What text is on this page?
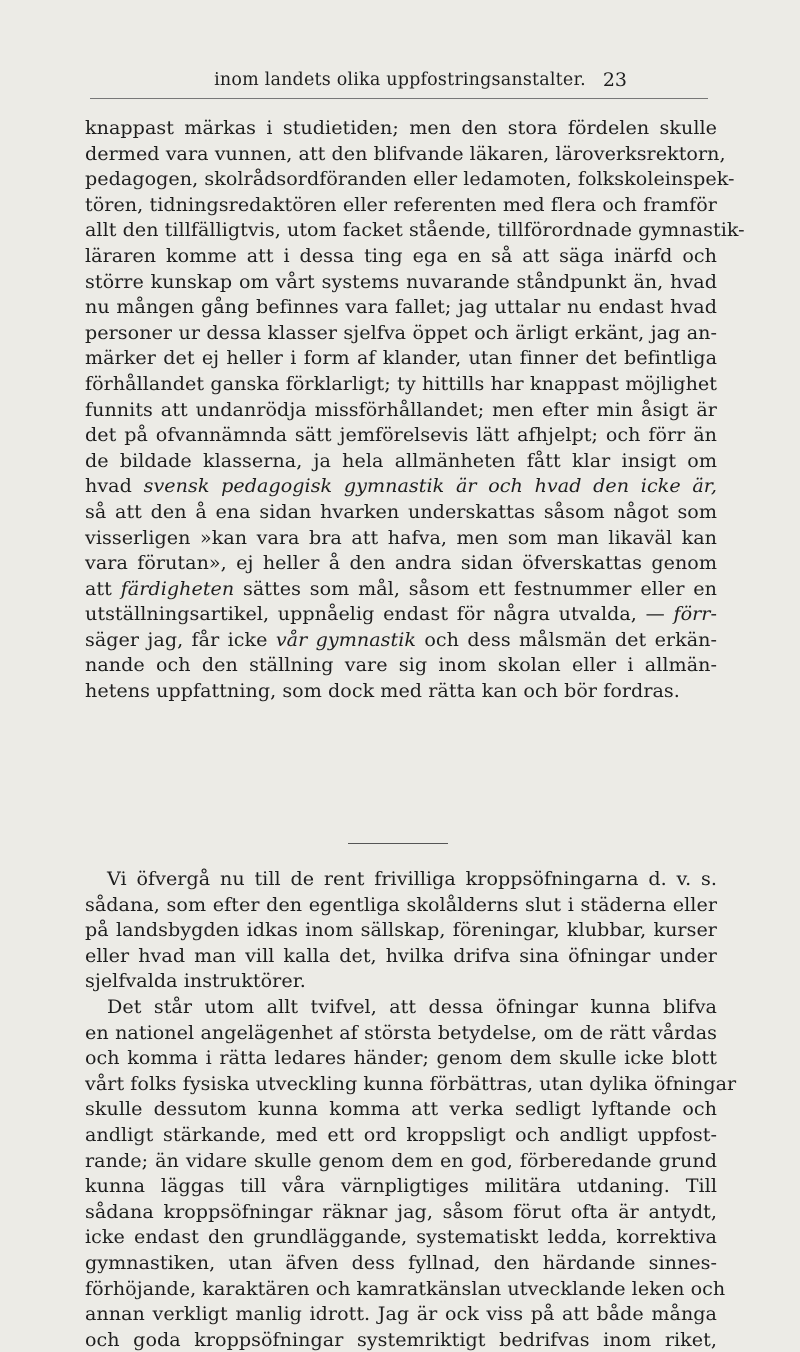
inom landets olika uppfostringsanstalter. 23
knappast märkas i studietiden; men den stora fördelen skulle
dermed vara vunnen, att den blifvande läkaren, läroverksrektorn,
pedagogen, skolrådsordföranden eller ledamoten, folkskoleinspek-
tören, tidningsredaktören eller referenten med flera och framför
allt den tillfälligtvis, utom facket stående, tillförordnade gymnastik-
läraren komme att i dessa ting ega en så att säga inärfd och
större kunskap om vårt systems nuvarande ståndpunkt än, hvad
nu mången gång befinnes vara fallet; jag uttalar nu endast hvad
personer ur dessa klasser sjelfva öppet och ärligt erkänt, jag an-
märker det ej heller i form af klander, utan finner det befintliga
förhållandet ganska förklarligt; ty hittills har knappast möjlighet
funnits att undanrödja missförhållandet; men efter min åsigt är
det på ofvannämnda sätt jemförelsevis lätt afhjelpt; och förr än
de bildade klasserna, ja hela allmänheten fått klar insigt om
hvad svensk pedagogisk gymnastik är och hvad den icke är,
så att den å ena sidan hvarken underskattas såsom något som
visserligen »kan vara bra att hafva, men som man likaväl kan
vara förutan», ej heller å den andra sidan öfverskattas genom
att färdigheten sättes som mål, såsom ett festnummer eller en
utställningsartikel, uppnåelig endast för några utvalda, — förr-
säger jag, får icke vår gymnastik och dess målsmän det erkän-
nande och den ställning vare sig inom skolan eller i allmän-
hetens uppfattning, som dock med rätta kan och bör fordras.
Vi öfvergå nu till de rent frivilliga kroppsöfningarna d. v. s.
sådana, som efter den egentliga skolålderns slut i städerna eller
på landsbygden idkas inom sällskap, föreningar, klubbar, kurser
eller hvad man vill kalla det, hvilka drifva sina öfningar under
sjelfvalda instruktörer.
Det står utom allt tvifvel, att dessa öfningar kunna blifva
en nationel angelägenhet af största betydelse, om de rätt vårdas
och komma i rätta ledares händer; genom dem skulle icke blott
vårt folks fysiska utveckling kunna förbättras, utan dylika öfningar
skulle dessutom kunna komma att verka sedligt lyftande och
andligt stärkande, med ett ord kroppsligt och andligt uppfost-
rande; än vidare skulle genom dem en god, förberedande grund
kunna läggas till våra värnpligtiges militära utdaning. Till
sådana kroppsöfningar räknar jag, såsom förut ofta är antydt,
icke endast den grundläggande, systematiskt ledda, korrektiva
gymnastiken, utan äfven dess fyllnad, den härdande sinnes-
förhöjande, karaktären och kamratkänslan utvecklande leken och
annan verkligt manlig idrott. Jag är ock viss på att både många
och goda kroppsöfningar systemriktigt bedrifvas inom riket,
